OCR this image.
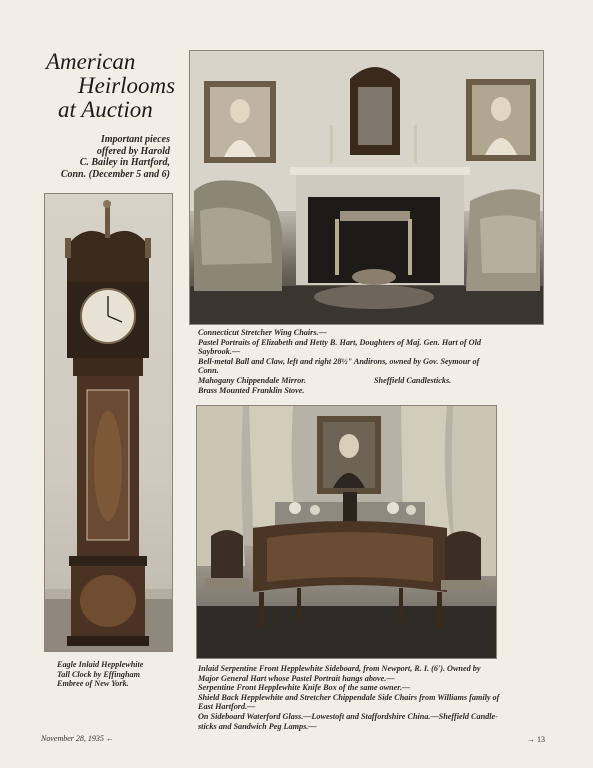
American
Heirlooms
at Auction
Important pieces
offered by Harold
C. Bailey in Hartford,
Conn. (December 5 and 6)
Eagle Inlaid Hepplewhite
Tall Clock by Effingham
Embree of New York.
Connecticut Stretcher Wing Chairs.—
Pastel Portraits of Elizabeth and Hetty B. Hart, Doughters of Maj. Gen. Hart of Old
Saybrook.—
Bell-metal Ball and Claw, left and right 28½" Andirons, owned by Gov. Seymour of
Conn.
Mahogany Chippendale Mirror.	Sheffield Candlesticks.
Brass Mounted Franklin Stove.
Inlaid Serpentine Front Hepplewhite Sideboard, from Newport, R. I. (6'). Owned by
Major General Hart whose Pastel Portrait hangs above.—
Serpentine Front Hepplewhite Knife Box of the same owner.—
Shield Back Hepplewhite and Stretcher Chippendale Side Chairs from Williams family of
East Hartford.—
On Sideboard Waterford Glass.—Lowestoft and Staffordshire China.—Sheffield Candle-
sticks and Sandwich Peg Lamps.—
November 28, 1935 ←	→ 13
